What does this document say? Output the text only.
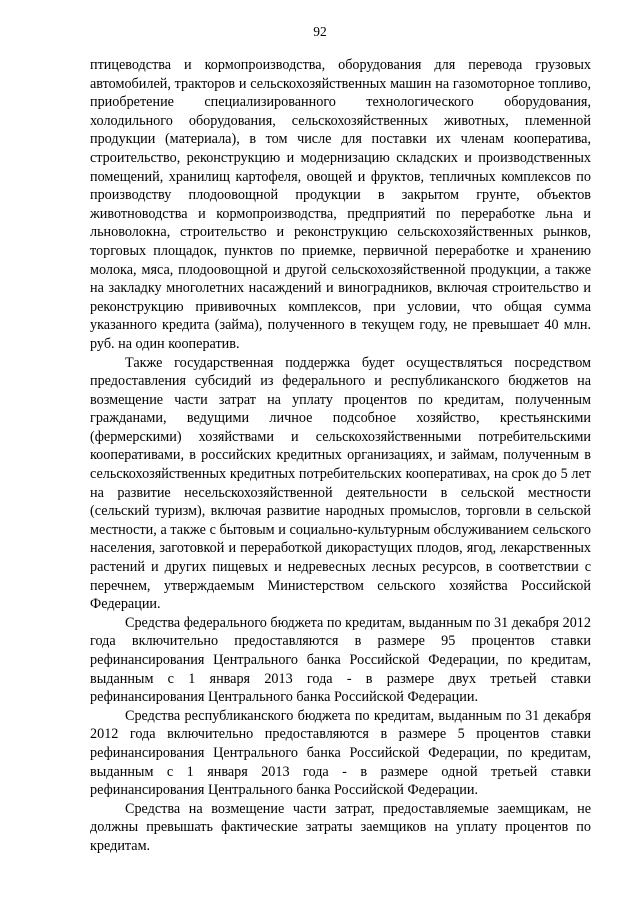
92

птицеводства и кормопроизводства, оборудования для перевода грузовых автомобилей, тракторов и сельскохозяйственных машин на газомоторное топливо, приобретение специализированного технологического оборудования, холодильного оборудования, сельскохозяйственных животных, племенной продукции (материала), в том числе для поставки их членам кооператива, строительство, реконструкцию и модернизацию складских и производственных помещений, хранилищ картофеля, овощей и фруктов, тепличных комплексов по производству плодоовощной продукции в закрытом грунте, объектов животноводства и кормопроизводства, предприятий по переработке льна и льноволокна, строительство и реконструкцию сельскохозяйственных рынков, торговых площадок, пунктов по приемке, первичной переработке и хранению молока, мяса, плодоовощной и другой сельскохозяйственной продукции, а также на закладку многолетних насаждений и виноградников, включая строительство и реконструкцию прививочных комплексов, при условии, что общая сумма указанного кредита (займа), полученного в текущем году, не превышает 40 млн. руб. на один кооператив.

Также государственная поддержка будет осуществляться посредством предоставления субсидий из федерального и республиканского бюджетов на возмещение части затрат на уплату процентов по кредитам, полученным гражданами, ведущими личное подсобное хозяйство, крестьянскими (фермерскими) хозяйствами и сельскохозяйственными потребительскими кооперативами, в российских кредитных организациях, и займам, полученным в сельскохозяйственных кредитных потребительских кооперативах, на срок до 5 лет на развитие несельскохозяйственной деятельности в сельской местности (сельский туризм), включая развитие народных промыслов, торговли в сельской местности, а также с бытовым и социально-культурным обслуживанием сельского населения, заготовкой и переработкой дикорастущих плодов, ягод, лекарственных растений и других пищевых и недревесных лесных ресурсов, в соответствии с перечнем, утверждаемым Министерством сельского хозяйства Российской Федерации.

Средства федерального бюджета по кредитам, выданным по 31 декабря 2012 года включительно предоставляются в размере 95 процентов ставки рефинансирования Центрального банка Российской Федерации, по кредитам, выданным с 1 января 2013 года - в размере двух третьей ставки рефинансирования Центрального банка Российской Федерации.

Средства республиканского бюджета по кредитам, выданным по 31 декабря 2012 года включительно предоставляются в размере 5 процентов ставки рефинансирования Центрального банка Российской Федерации, по кредитам, выданным с 1 января 2013 года - в размере одной третьей ставки рефинансирования Центрального банка Российской Федерации.

Средства на возмещение части затрат, предоставляемые заемщикам, не должны превышать фактические затраты заемщиков на уплату процентов по кредитам.
